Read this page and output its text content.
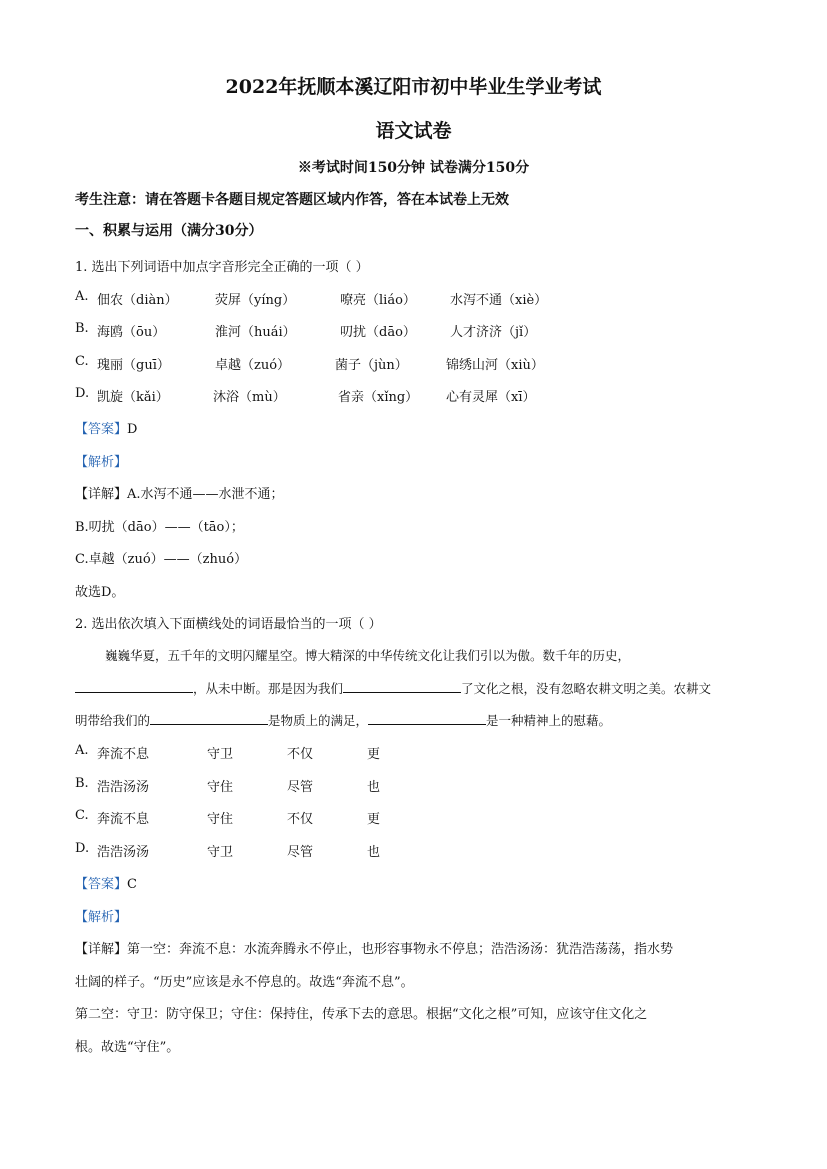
2022年抚顺本溪辽阳市初中毕业生学业考试
语文试卷
※考试时间150分钟 试卷满分150分
考生注意：请在答题卡各题目规定答题区域内作答，答在本试卷上无效
一、积累与运用（满分30分）
1. 选出下列词语中加点字音形完全正确的一项（ ）
A. 佃农（diàn）	荧屏（yíng）	嘹亮（liáo）	水泻不通（xiè）
B. 海鸥（ōu）	淮河（huái）	叨扰（dāo）	人才济济（jǐ）
C. 瑰丽（guī）	卓越（zuó）	菌子（jùn）	锦绣山河（xiù）
D. 凯旋（kǎi）	沐浴（mù）	省亲（xǐng） 心有灵犀（xī）
【答案】D
【解析】
【详解】A.水泻不通——水泄不通；
B.叨扰（dāo）——（tāo）；
C.卓越（zuó）——（zhuó）
故选D。
2. 选出依次填入下面横线处的词语最恰当的一项（ ）
巍巍华夏，五千年的文明闪耀星空。博大精深的中华传统文化让我们引以为傲。数千年的历史，
，从未中断。那是因为我们	了文化之根，没有忽略农耕文明之美。农耕文
明带给我们的	是物质上的满足，	是一种精神上的慰藉。
A. 奔流不息	守卫	不仅	更
B. 浩浩汤汤	守住	尽管	也
C. 奔流不息	守住	不仅	更
D. 浩浩汤汤	守卫	尽管	也
【答案】C
【解析】
【详解】第一空：奔流不息：水流奔腾永不停止，也形容事物永不停息；浩浩汤汤：犹浩浩荡荡，指水势
壮阔的样子。“历史”应该是永不停息的。故选“奔流不息”。
第二空：守卫：防守保卫；守住：保持住，传承下去的意思。根据“文化之根”可知，应该守住文化之
根。故选“守住”。
